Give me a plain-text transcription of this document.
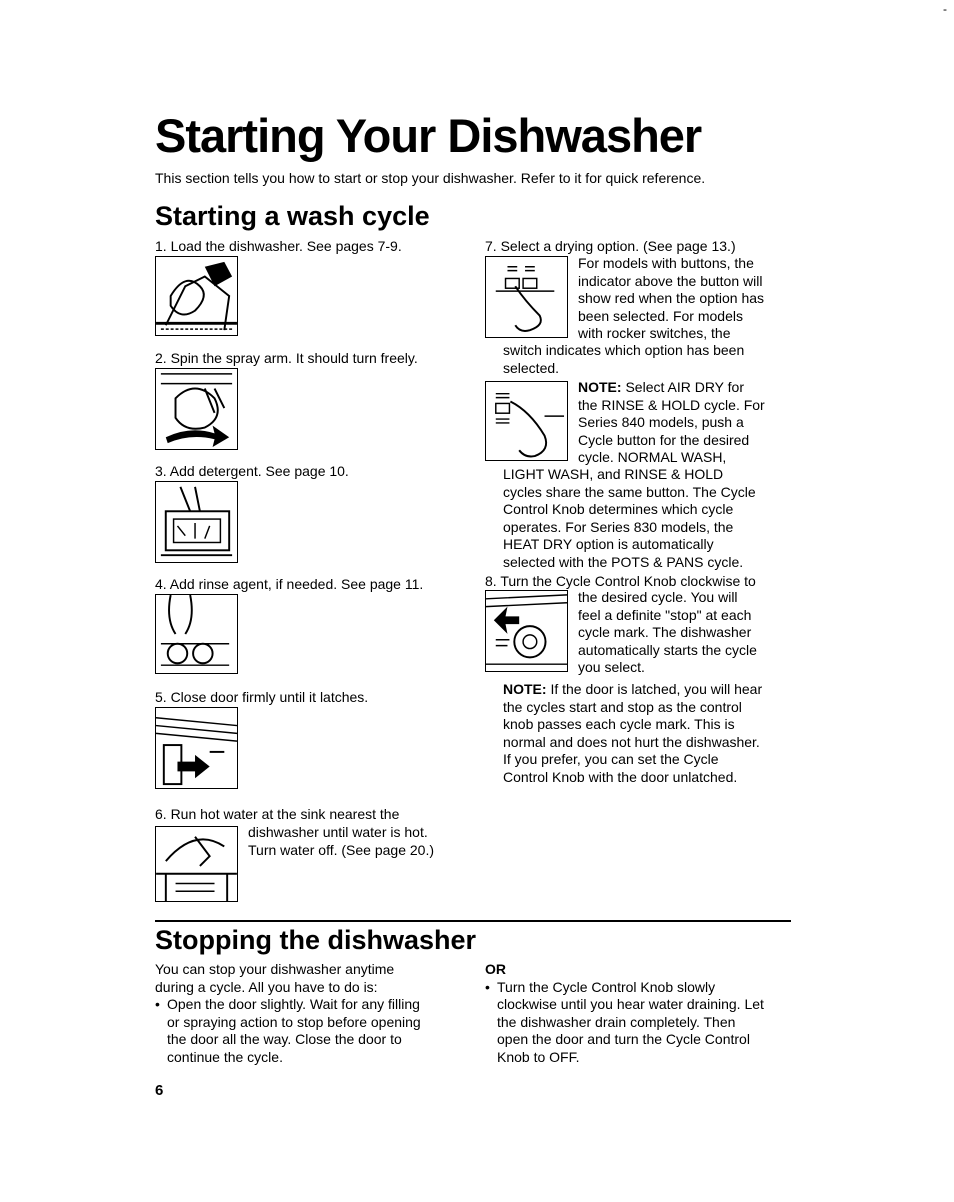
-
Starting Your Dishwasher
This section tells you how to start or stop your dishwasher. Refer to it for quick reference.
Starting a wash cycle
1. Load the dishwasher. See pages 7-9.
2. Spin the spray arm. It should turn freely.
3. Add detergent. See page 10.
4. Add rinse agent, if needed. See page 11.
5. Close door firmly until it latches.
6. Run hot water at the sink nearest the
dishwasher until water is hot.
Turn water off. (See page 20.)
7. Select a drying option. (See page 13.)
For models with buttons, the
indicator above the button will
show red when the option has
been selected. For models
with rocker switches, the
switch indicates which option has been
selected.
NOTE: Select AIR DRY for
the RINSE & HOLD cycle. For
Series 840 models, push a
Cycle button for the desired
cycle. NORMAL WASH,
LIGHT WASH, and RINSE & HOLD
cycles share the same button. The Cycle
Control Knob determines which cycle
operates. For Series 830 models, the
HEAT DRY option is automatically
selected with the POTS & PANS cycle.
8. Turn the Cycle Control Knob clockwise to
the desired cycle. You will
feel a definite "stop" at each
cycle mark. The dishwasher
automatically starts the cycle
you select.
NOTE: If the door is latched, you will hear
the cycles start and stop as the control
knob passes each cycle mark. This is
normal and does not hurt the dishwasher.
If you prefer, you can set the Cycle
Control Knob with the door unlatched.
Stopping the dishwasher
You can stop your dishwasher anytime
during a cycle. All you have to do is:
• Open the door slightly. Wait for any filling
or spraying action to stop before opening
the door all the way. Close the door to
continue the cycle.
OR
• Turn the Cycle Control Knob slowly
clockwise until you hear water draining. Let
the dishwasher drain completely. Then
open the door and turn the Cycle Control
Knob to OFF.
6
